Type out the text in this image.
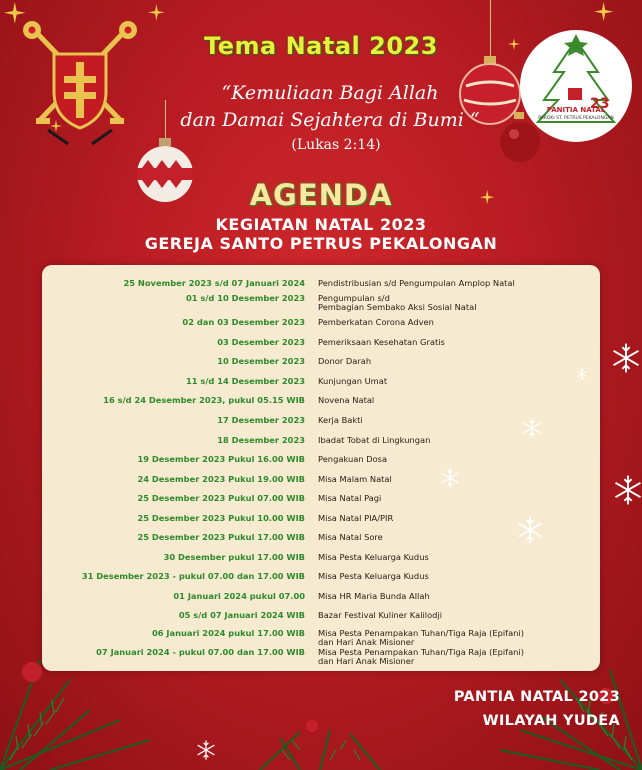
23
PANITIA NATAL
PAROKI ST. PETRUS PEKALONGAN
Tema Natal 2023
“Kemuliaan Bagi Allah
dan Damai Sejahtera di Bumi “
(Lukas 2:14)
AGENDA
KEGIATAN NATAL 2023
GEREJA SANTO PETRUS PEKALONGAN
25 November 2023 s/d 07 Januari 2024 Pendistribusian s/d Pengumpulan Amplop Natal
01 s/d 10 Desember 2023 Pengumpulan s/d
Pembagian Sembako Aksi Sosial Natal
02 dan 03 Desember 2023 Pemberkatan Corona Adven
03 Desember 2023 Pemeriksaan Kesehatan Gratis
10 Desember 2023 Donor Darah
11 s/d 14 Desember 2023 Kunjungan Umat
16 s/d 24 Desember 2023, pukul 05.15 WIB Novena Natal
17 Desember 2023 Kerja Bakti
18 Desember 2023 Ibadat Tobat di Lingkungan
19 Desember 2023 Pukul 16.00 WIB Pengakuan Dosa
24 Desember 2023 Pukul 19.00 WIB Misa Malam Natal
25 Desember 2023 Pukul 07.00 WIB Misa Natal Pagi
25 Desember 2023 Pukul 10.00 WIB Misa Natal PIA/PIR
25 Desember 2023 Pukul 17.00 WIB Misa Natal Sore
30 Desember pukul 17.00 WIB Misa Pesta Keluarga Kudus
31 Desember 2023 - pukul 07.00 dan 17.00 WIB Misa Pesta Keluarga Kudus
01 Januari 2024 pukul 07.00 Misa HR Maria Bunda Allah
05 s/d 07 Januari 2024 WIB Bazar Festival Kuliner Kalilodji
06 Januari 2024 pukul 17.00 WIB Misa Pesta Penampakan Tuhan/Tiga Raja (Epifani)
dan Hari Anak Misioner
07 Januari 2024 - pukul 07.00 dan 17.00 WIB Misa Pesta Penampakan Tuhan/Tiga Raja (Epifani)
dan Hari Anak Misioner
PANTIA NATAL 2023
WILAYAH YUDEA
